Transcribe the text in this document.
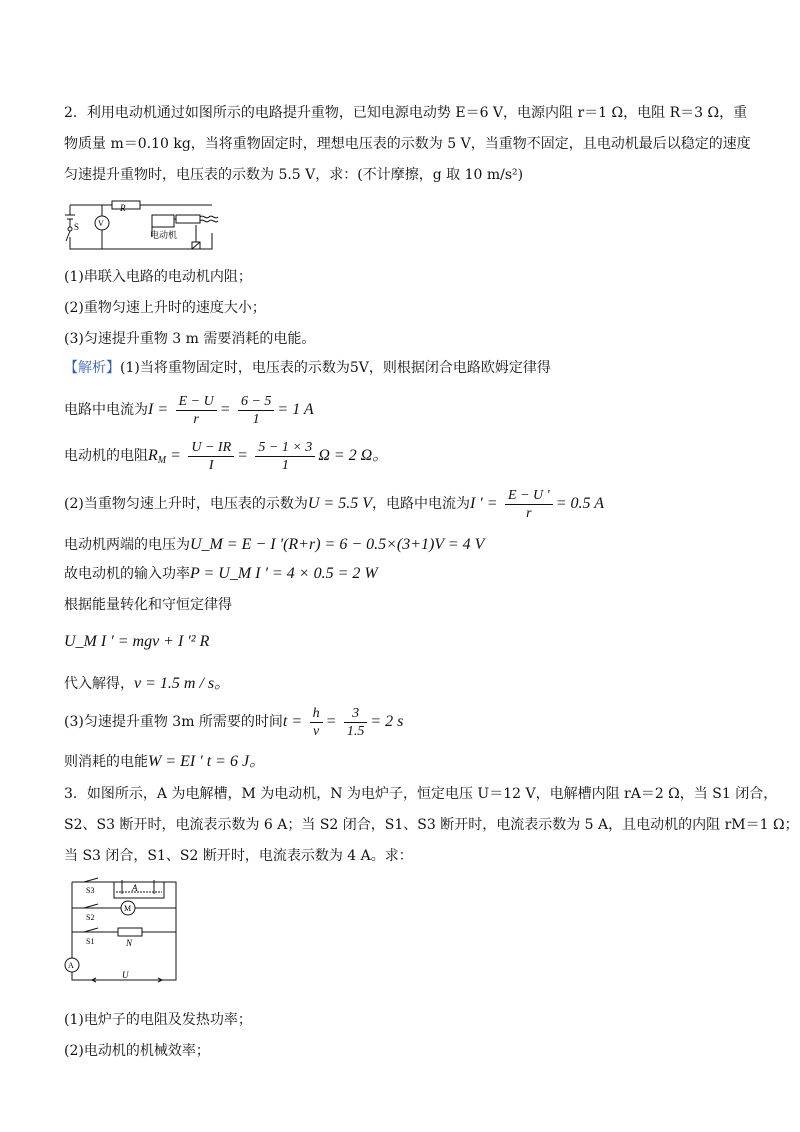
2．利用电动机通过如图所示的电路提升重物，已知电源电动势 E＝6 V，电源内阻 r＝1 Ω，电阻 R＝3 Ω，重
物质量 m＝0.10 kg，当将重物固定时，理想电压表的示数为 5 V，当重物不固定，且电动机最后以稳定的速度
匀速提升重物时，电压表的示数为 5.5 V，求：(不计摩擦，g 取 10 m/s²)
R
V
S
电动机
(1)串联入电路的电动机内阻；
(2)重物匀速上升时的速度大小；
(3)匀速提升重物 3 m 需要消耗的电能。
【解析】(1)当将重物固定时，电压表的示数为5V，则根据闭合电路欧姆定律得
电路中电流为$I = \frac{E - U}{r} = \frac{6 - 5}{1} = 1$ A
电动机的电阻$R_M = \frac{U - IR}{I} = \frac{5 - 1 \times 3}{1}$ Ω = 2 Ω。
(2)当重物匀速上升时，电压表的示数为U = 5.5 V，电路中电流为I ′ = $\frac{E - U '}{r} = 0.5$ A
电动机两端的电压为U_M = E − I ′(R+r) = 6 − 0.5×(3+1)V = 4 V
故电动机的输入功率P = U_M I ′ = 4 × 0.5 = 2 W
根据能量转化和守恒定律得
U_M I ′ = mgv + I ′² R
代入解得，v = 1.5 m / s。
(3)匀速提升重物 3m 所需要的时间$t = \frac{h}{v} = \frac{3}{1.5} = 2$ s
则消耗的电能W = EI ′ t = 6 J。
3．如图所示，A 为电解槽，M 为电动机，N 为电炉子，恒定电压 U＝12 V，电解槽内阻 rA＝2 Ω，当 S1 闭合，
S2、S3 断开时，电流表示数为 6 A；当 S2 闭合，S1、S3 断开时，电流表示数为 5 A，且电动机的内阻 rM＝1 Ω；
当 S3 闭合，S1、S2 断开时，电流表示数为 4 A。求：
S3	A
M
S2
S1	N
A
U
(1)电炉子的电阻及发热功率；
(2)电动机的机械效率；
